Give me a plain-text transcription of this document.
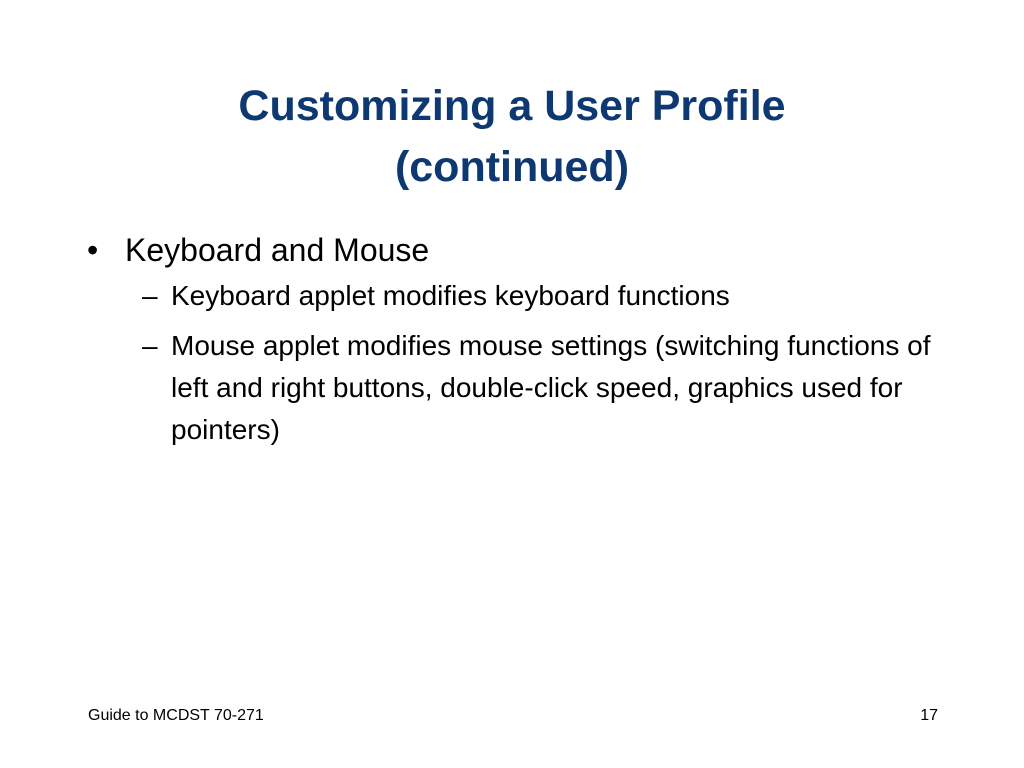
Customizing a User Profile
(continued)
• Keyboard and Mouse
– Keyboard applet modifies keyboard functions
– Mouse applet modifies mouse settings (switching functions of left and right buttons, double-click speed, graphics used for pointers)
Guide to MCDST 70-271	17
